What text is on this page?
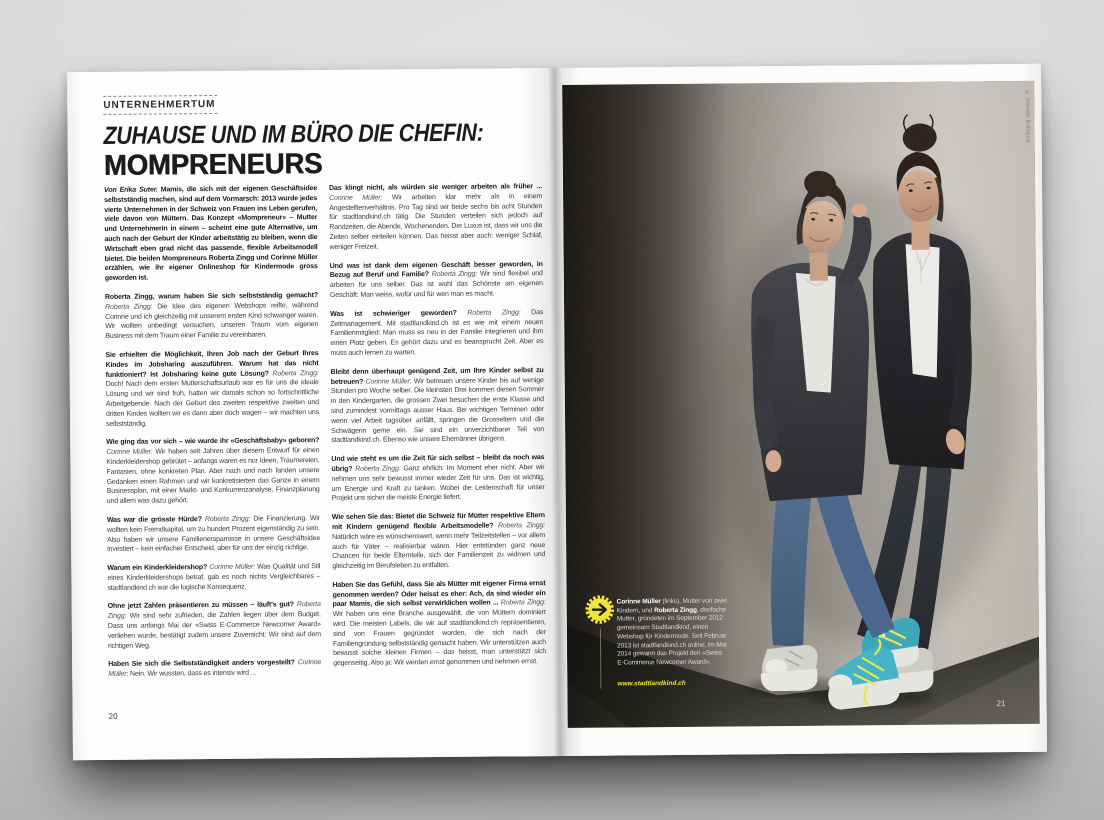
UNTERNEHMERTUM
ZUHAUSE UND IM BÜRO DIE CHEFIN:
MOMPRENEURS

Von Erika Suter. Mamis, die sich mit der eigenen Geschäftsidee selbstständig machen, sind auf dem Vormarsch: 2013 wurde jedes vierte Unternehmen in der Schweiz von Frauen ins Leben gerufen, viele davon von Müttern. Das Konzept «Mompreneur» – Mutter und Unternehmerin in einem – scheint eine gute Alternative, um auch nach der Geburt der Kinder arbeitstätig zu bleiben, wenn die Wirtschaft eben grad nicht das passende, flexible Arbeitsmodell bietet. Die beiden Mompreneurs Roberta Zingg und Corinne Müller erzählen, wie ihr eigener Onlineshop für Kindermode gross geworden ist.

Roberta Zingg, warum haben Sie sich selbstständig gemacht? Roberta Zingg: Die Idee des eigenen Webshops reifte, während Corinne und ich gleichzeitig mit unserem ersten Kind schwanger waren. Wir wollten unbedingt versuchen, unseren Traum vom eigenen Business mit dem Traum einer Familie zu vereinbaren.

Sie erhielten die Möglichkeit, Ihren Job nach der Geburt Ihres Kindes im Jobsharing auszuführen. Warum hat das nicht funktioniert? Ist Jobsharing keine gute Lösung? Roberta Zingg: Doch! Nach dem ersten Mutterschaftsurlaub war es für uns die ideale Lösung und wir sind froh, hatten wir damals schon so fortschrittliche Arbeitgebende. Nach der Geburt des zweiten respektive zweiten und dritten Kindes wollten wir es dann aber doch wagen – wir machten uns selbstständig.

Wie ging das vor sich – wie wurde ihr «Geschäftsbaby» geboren? Corinne Müller: Wir haben seit Jahren über diesem Entwurf für einen Kinderkleidershop gebrütet – anfangs waren es nur Ideen, Träumereien, Fantasien, ohne konkreten Plan. Aber nach und nach fanden unsere Gedanken einen Rahmen und wir konkretisierten das Ganze in einem Businessplan, mit einer Markt- und Konkurrenzanalyse, Finanzplanung und allem was dazu gehört.

Was war die grösste Hürde? Roberta Zingg: Die Finanzierung. Wir wollten kein Fremdkapital, um zu hundert Prozent eigenständig zu sein. Also haben wir unsere Familienersparnisse in unsere Geschäftsidee investiert – kein einfacher Entscheid, aber für uns der einzig richtige.

Warum ein Kinderkleidershop? Corinne Müller: Was Qualität und Stil eines Kinderkleidershops betraf, gab es noch nichts Vergleichbares – stadtlandkind.ch war die logische Konsequenz.

Ohne jetzt Zahlen präsentieren zu müssen – läuft's gut? Roberta Zingg: Wir sind sehr zufrieden, die Zahlen liegen über dem Budget. Dass uns anfangs Mai der «Swiss E-Commerce Newcomer Award» verliehen wurde, bestätigt zudem unsere Zuversicht: Wir sind auf dem richtigen Weg.

Haben Sie sich die Selbstständigkeit anders vorgestellt? Corinne Müller: Nein. Wir wussten, dass es intensiv wird ...

Das klingt nicht, als würden sie weniger arbeiten als früher ... Corinne Müller: Wir arbeiten klar mehr als in einem Angestelltenverhältnis. Pro Tag sind wir beide sechs bis acht Stunden für stadtlandkind.ch tätig. Die Stunden verteilen sich jedoch auf Randzeiten, die Abende, Wochenenden. Der Luxus ist, dass wir uns die Zeiten selber einteilen können. Das heisst aber auch: weniger Schlaf, weniger Freizeit.

Und was ist dank dem eigenen Geschäft besser geworden, in Bezug auf Beruf und Familie? Roberta Zingg: Wir sind flexibel und arbeiten für uns selber. Das ist wohl das Schönste am eigenen Geschäft: Man weiss, wofür und für wen man es macht.

Was ist schwieriger geworden? Roberta Zingg: Das Zeitmanagement. Mit stadtlandkind.ch ist es wie mit einem neuen Familienmitglied: Man muss es neu in der Familie integrieren und ihm einen Platz geben. Es gehört dazu und es beansprucht Zeit. Aber es muss auch lernen zu warten.

Bleibt denn überhaupt genügend Zeit, um Ihre Kinder selbst zu betreuen? Corinne Müller: Wir betreuen unsere Kinder bis auf wenige Stunden pro Woche selber. Die kleinsten Drei kommen diesen Sommer in den Kindergarten, die grossen Zwei besuchen die erste Klasse und sind zumindest vormittags ausser Haus. Bei wichtigen Terminen oder wenn viel Arbeit tagsüber anfällt, springen die Grosseltern und die Schwägerin gerne ein. Sie sind ein unverzichtbarer Teil von stadtlandkind.ch. Ebenso wie unsere Ehemänner übrigens.

Und wie steht es um die Zeit für sich selbst – bleibt da noch was übrig? Roberta Zingg: Ganz ehrlich: Im Moment eher nicht. Aber wir nehmen uns sehr bewusst immer wieder Zeit für uns. Das ist wichtig, um Energie und Kraft zu tanken. Wobei die Leidenschaft für unser Projekt uns sicher die meiste Energie liefert.

Wie sehen Sie das: Bietet die Schweiz für Mütter respektive Eltern mit Kindern genügend flexible Arbeitsmodelle? Roberta Zingg: Natürlich wäre es wünschenswert, wenn mehr Teilzeitstellen – vor allem auch für Väter – realisierbar wären. Hier entstünden ganz neue Chancen für beide Elternteile, sich der Familienzeit zu widmen und gleichzeitig im Berufsleben zu entfalten.

Haben Sie das Gefühl, dass Sie als Mütter mit eigener Firma ernst genommen werden? Oder heisst es eher: Ach, da sind wieder ein paar Mamis, die sich selbst verwirklichen wollen ... Roberta Zingg: Wir haben uns eine Branche ausgewählt, die von Müttern dominiert wird. Die meisten Labels, die wir auf stadtlandkind.ch repräsentieren, sind von Frauen gegründet worden, die sich nach der Familiengründung selbstständig gemacht haben. Wir unterstützen auch bewusst solche kleinen Firmen – das heisst, man unterstützt sich gegenseitig. Also ja: Wir werden ernst genommen und nehmen ernst.

20
Corinne Müller (links), Mutter von zwei Kindern, und Roberta Zingg, dreifache Mutter, gründeten im September 2012 gemeinsam Stadtlandkind, einen Webshop für Kindermode. Seit Februar 2013 ist stadtlandkind.ch online, im Mai 2014 gewann das Projekt den «Swiss E-Commerce Newcomer Award».
www.stadtlandkind.ch
© Davide Bologna
21
